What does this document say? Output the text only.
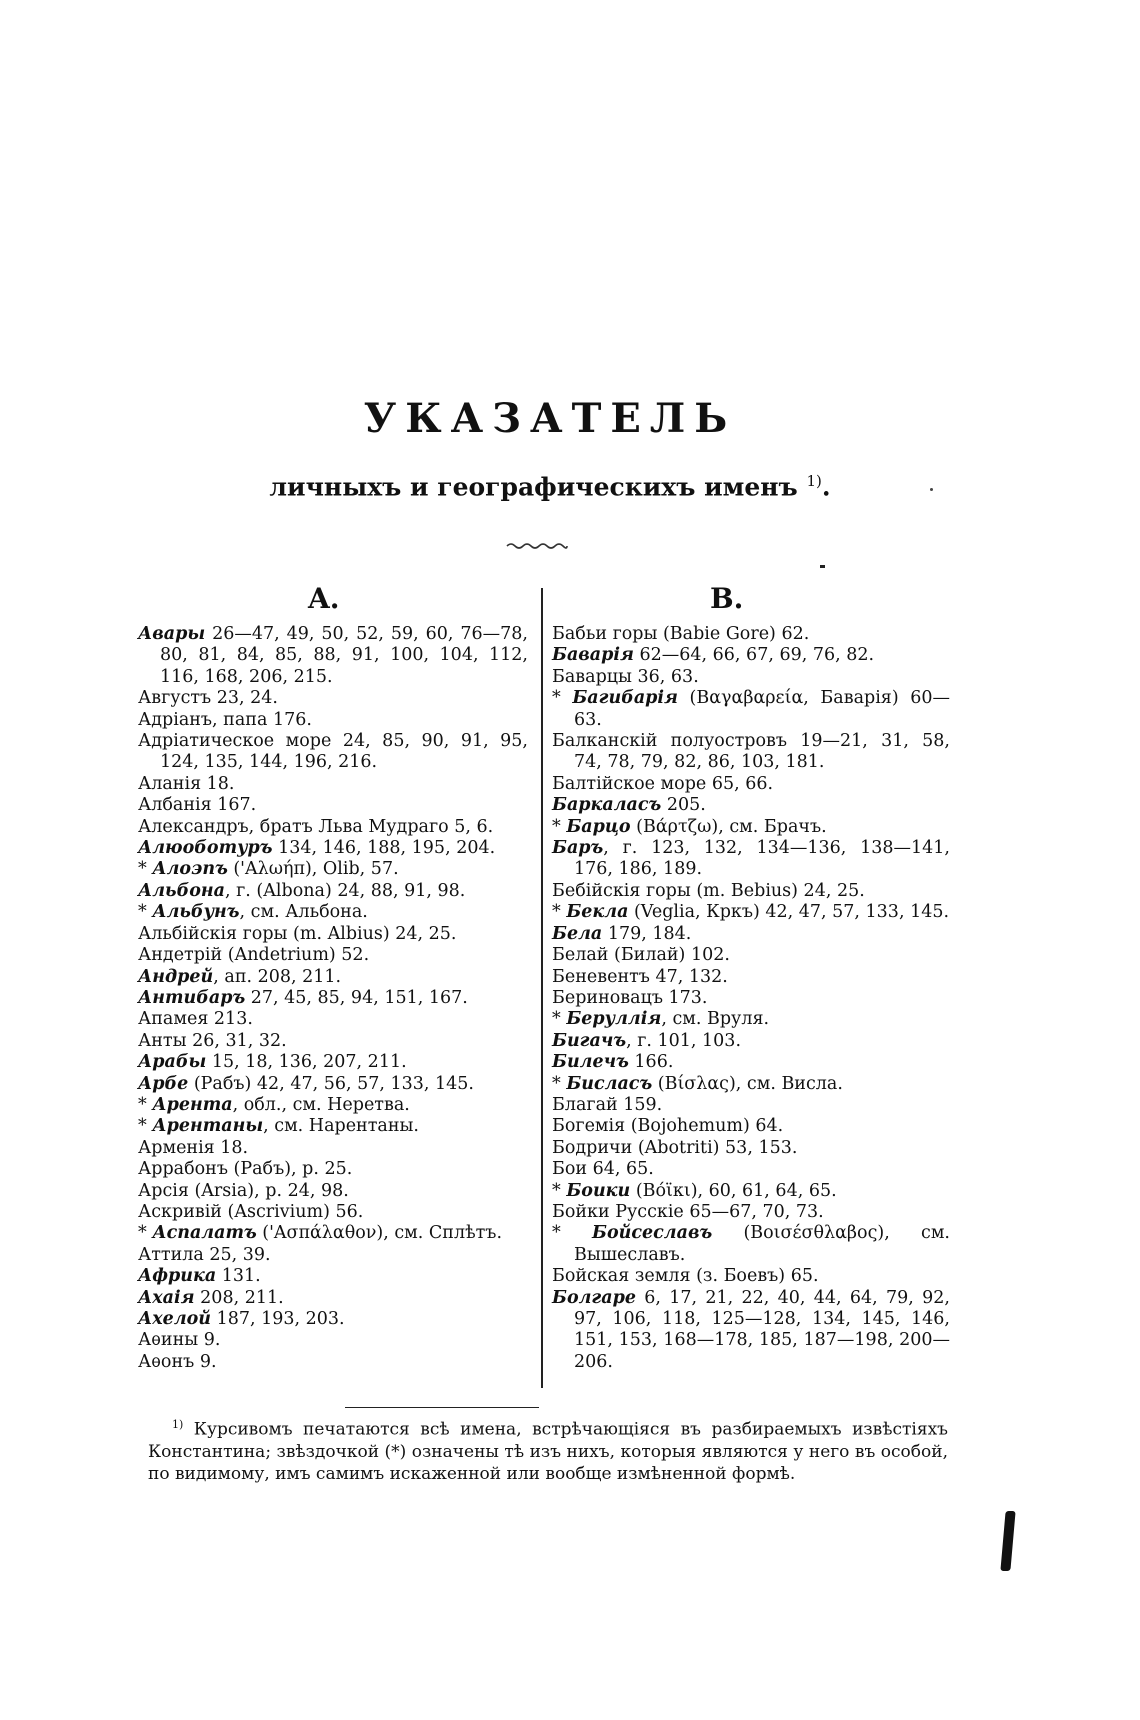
УКАЗАТЕЛЬ
личныхъ и географическихъ именъ $^{1)}$.
A.	B.
Авары 26—47, 49, 50, 52, 59, 60, 76—78, 80, 81, 84, 85, 88, 91, 100, 104, 112, 116, 168, 206, 215.
Августъ 23, 24.
Адріанъ, папа 176.
Адріатическое море 24, 85, 90, 91, 95, 124, 135, 144, 196, 216.
Аланія 18.
Албанія 167.
Александръ, братъ Льва Мудраго 5, 6.
Алюоботуръ 134, 146, 188, 195, 204.
* Алоэпъ ('Αλωήπ), Olib, 57.
Альбона, г. (Albona) 24, 88, 91, 98.
* Альбунъ, см. Альбона.
Альбійскія горы (m. Albius) 24, 25.
Андетрій (Andetrium) 52.
Андрей, ап. 208, 211.
Антибаръ 27, 45, 85, 94, 151, 167.
Апамея 213.
Анты 26, 31, 32.
Арабы 15, 18, 136, 207, 211.
Арбе (Рабъ) 42, 47, 56, 57, 133, 145.
* Арента, обл., см. Неретва.
* Арентаны, см. Нарентаны.
Арменія 18.
Аррабонъ (Рабъ), р. 25.
Арсія (Arsia), р. 24, 98.
Аскривій (Ascrivium) 56.
* Аспалатъ ('Ασπάλαθον), см. Сплѣтъ.
Аттила 25, 39.
Африка 131.
Ахаія 208, 211.
Ахелой 187, 193, 203.
Аѳины 9.
Аѳонъ 9.
Бабьи горы (Babie Gore) 62.
Баварія 62—64, 66, 67, 69, 76, 82.
Баварцы 36, 63.
* Багибарія (Βαγαβαρεία, Баварія) 60—63.
Балканскій полуостровъ 19—21, 31, 58, 74, 78, 79, 82, 86, 103, 181.
Балтійское море 65, 66.
Баркаласъ 205.
* Барцо (Βάρτζω), см. Брачъ.
Баръ, г. 123, 132, 134—136, 138—141, 176, 186, 189.
Бебійскія горы (m. Bebius) 24, 25.
* Бекла (Veglia, Кркъ) 42, 47, 57, 133, 145.
Бела 179, 184.
Белай (Билай) 102.
Беневентъ 47, 132.
Бериновацъ 173.
* Беруллія, см. Вруля.
Бигачъ, г. 101, 103.
Билечъ 166.
* Бисласъ (Βίσλας), см. Висла.
Благай 159.
Богемія (Bojohemum) 64.
Бодричи (Abotriti) 53, 153.
Бои 64, 65.
* Боики (Βόϊκι), 60, 61, 64, 65.
Бойки Русскіе 65—67, 70, 73.
* Бойсеславъ (Βοισέσθλαβος), см. Вышеславъ.
Бойская земля (з. Боевъ) 65.
Болгаре 6, 17, 21, 22, 40, 44, 64, 79, 92, 97, 106, 118, 125—128, 134, 145, 146, 151, 153, 168—178, 185, 187—198, 200—206.

$^{1)}$ Курсивомъ печатаются всѣ имена, встрѣчающіяся въ разбираемыхъ извѣстіяхъ Константина; звѣздочкой (*) означены тѣ изъ нихъ, которыя являются у него въ особой, по видимому, имъ самимъ искаженной или вообще измѣненной формѣ.
